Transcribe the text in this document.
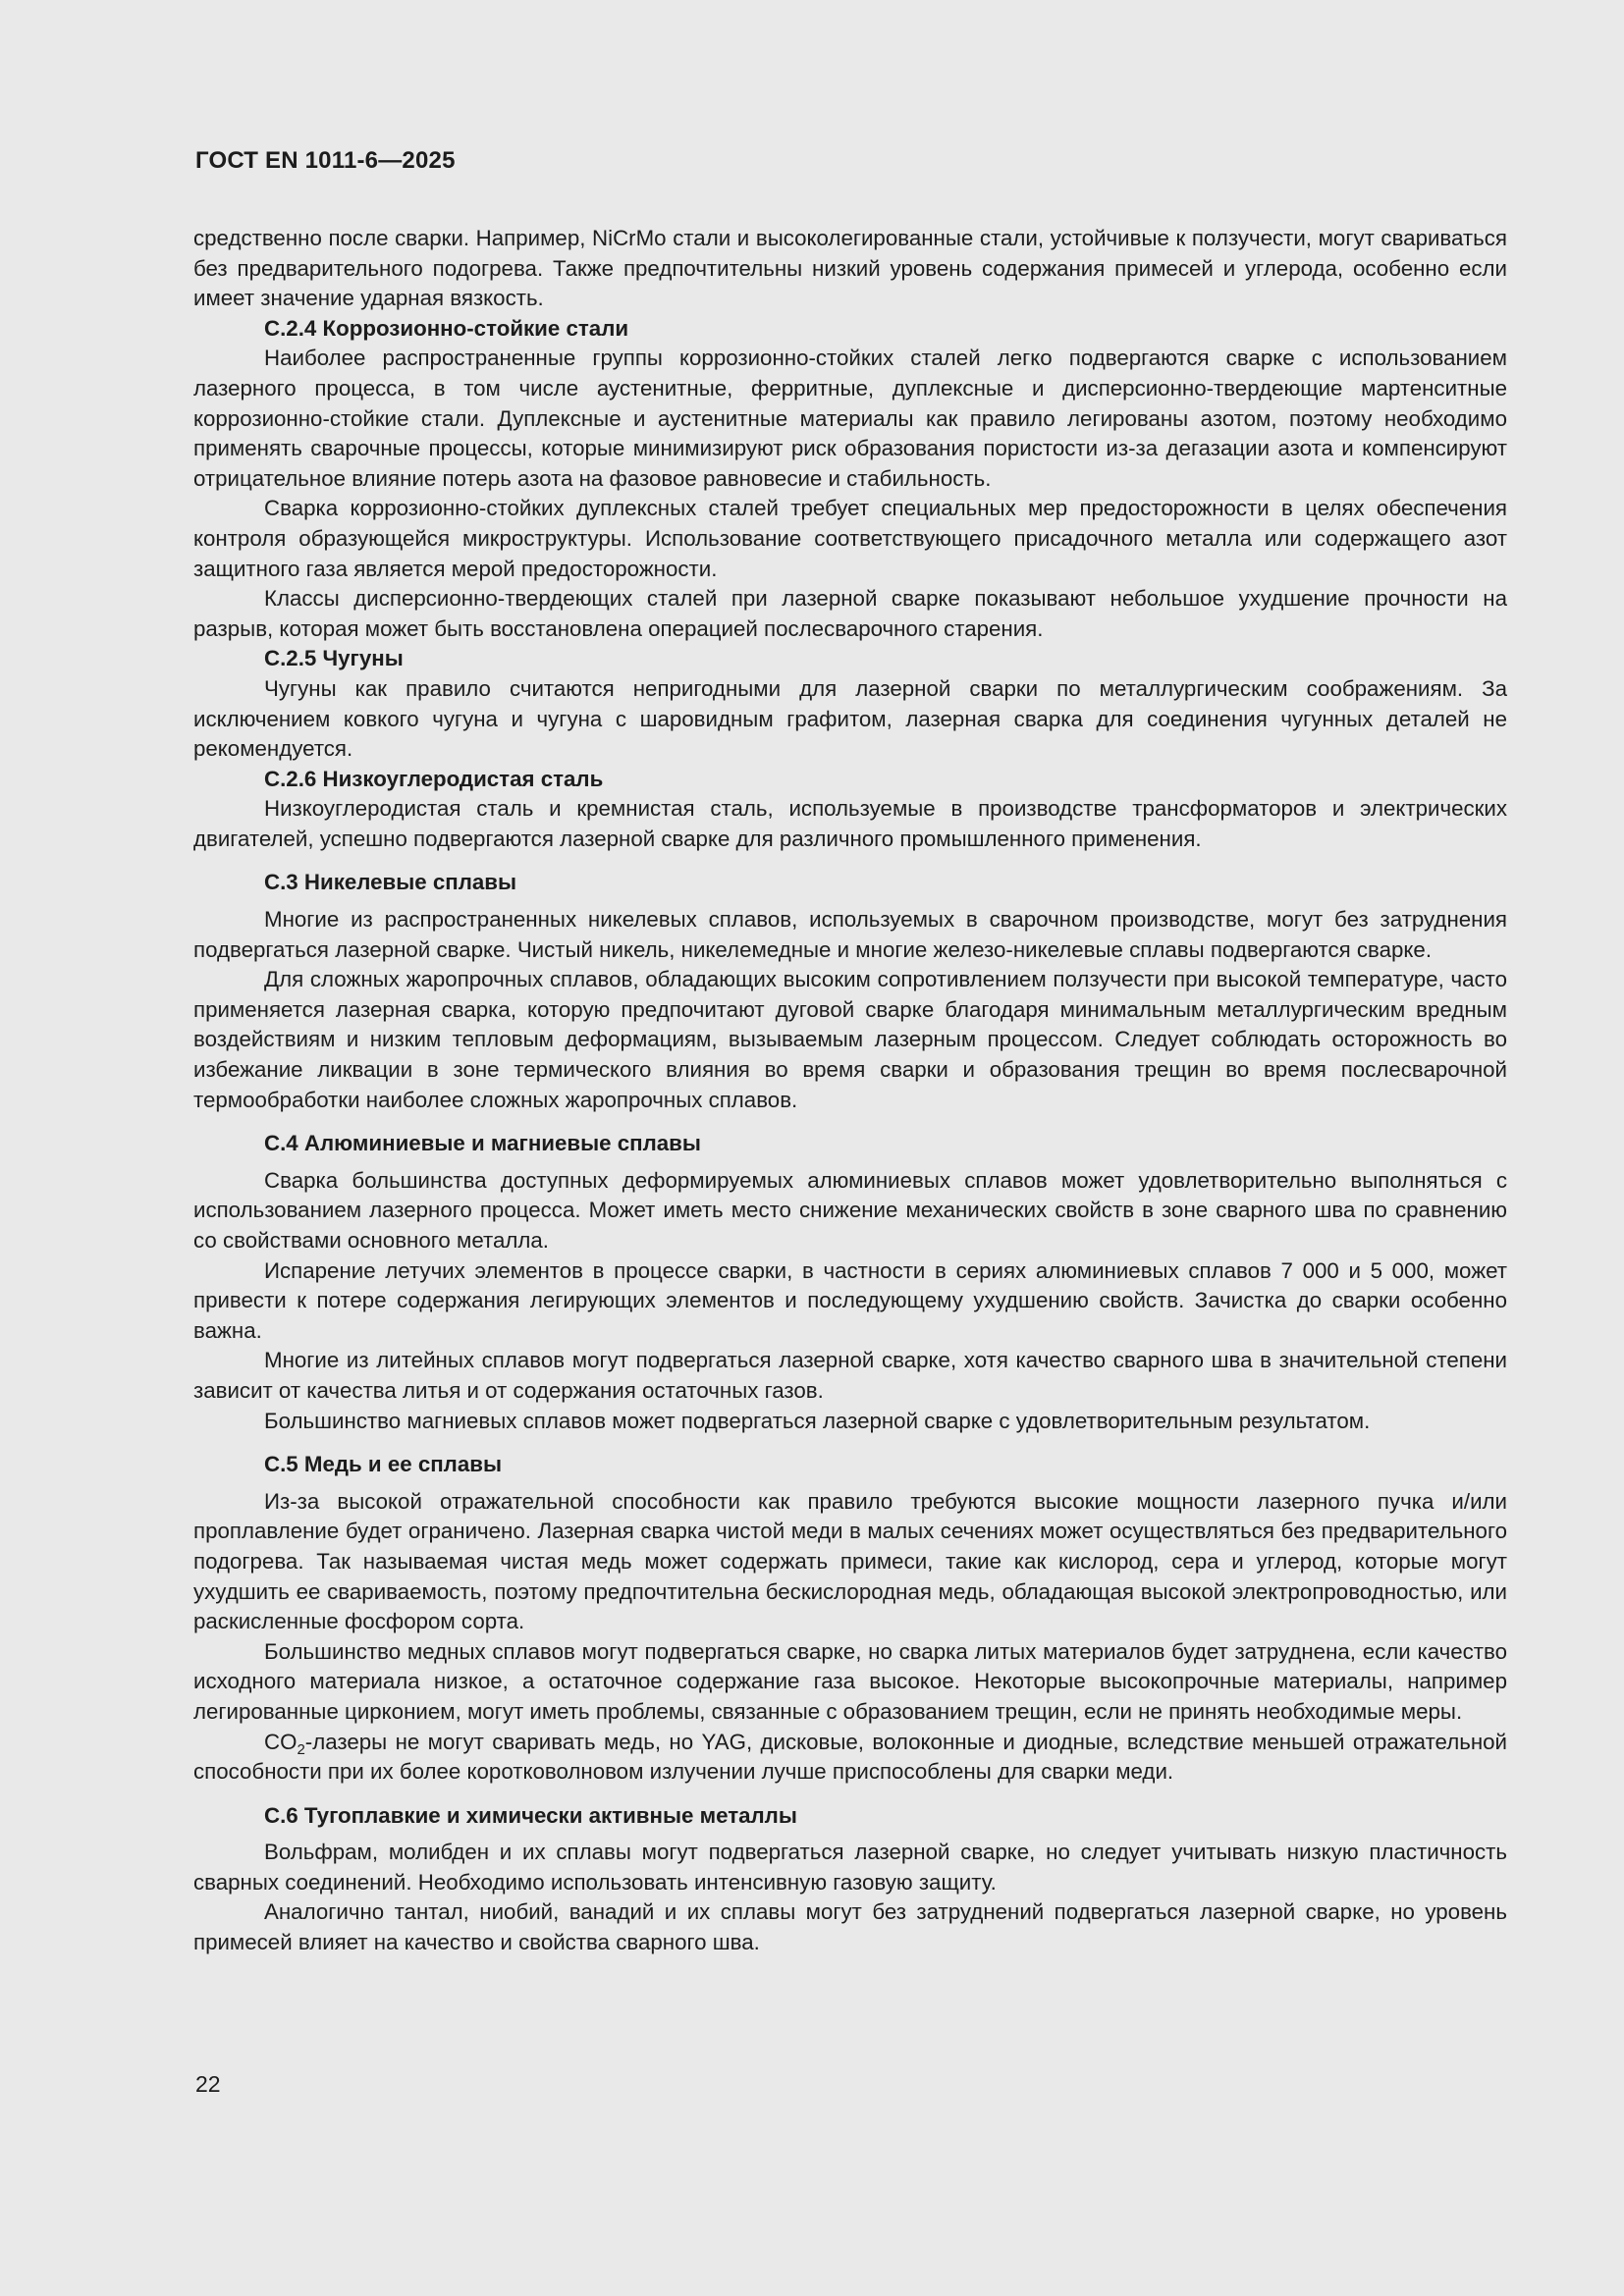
ГОСТ EN 1011-6—2025

средственно после сварки. Например, NiCrMo стали и высоколегированные стали, устойчивые к ползучести, могут свариваться без предварительного подогрева. Также предпочтительны низкий уровень содержания примесей и углерода, особенно если имеет значение ударная вязкость.

С.2.4 Коррозионно-стойкие стали

Наиболее распространенные группы коррозионно-стойких сталей легко подвергаются сварке с использованием лазерного процесса, в том числе аустенитные, ферритные, дуплексные и дисперсионно-твердеющие мартенситные коррозионно-стойкие стали. Дуплексные и аустенитные материалы как правило легированы азотом, поэтому необходимо применять сварочные процессы, которые минимизируют риск образования пористости из-за дегазации азота и компенсируют отрицательное влияние потерь азота на фазовое равновесие и стабильность.

Сварка коррозионно-стойких дуплексных сталей требует специальных мер предосторожности в целях обеспечения контроля образующейся микроструктуры. Использование соответствующего присадочного металла или содержащего азот защитного газа является мерой предосторожности.

Классы дисперсионно-твердеющих сталей при лазерной сварке показывают небольшое ухудшение прочности на разрыв, которая может быть восстановлена операцией послесварочного старения.

С.2.5 Чугуны

Чугуны как правило считаются непригодными для лазерной сварки по металлургическим соображениям. За исключением ковкого чугуна и чугуна с шаровидным графитом, лазерная сварка для соединения чугунных деталей не рекомендуется.

С.2.6 Низкоуглеродистая сталь

Низкоуглеродистая сталь и кремнистая сталь, используемые в производстве трансформаторов и электрических двигателей, успешно подвергаются лазерной сварке для различного промышленного применения.

С.3 Никелевые сплавы

Многие из распространенных никелевых сплавов, используемых в сварочном производстве, могут без затруднения подвергаться лазерной сварке. Чистый никель, никелемедные и многие железо-никелевые сплавы подвергаются сварке.

Для сложных жаропрочных сплавов, обладающих высоким сопротивлением ползучести при высокой температуре, часто применяется лазерная сварка, которую предпочитают дуговой сварке благодаря минимальным металлургическим вредным воздействиям и низким тепловым деформациям, вызываемым лазерным процессом. Следует соблюдать осторожность во избежание ликвации в зоне термического влияния во время сварки и образования трещин во время послесварочной термообработки наиболее сложных жаропрочных сплавов.

С.4 Алюминиевые и магниевые сплавы

Сварка большинства доступных деформируемых алюминиевых сплавов может удовлетворительно выполняться с использованием лазерного процесса. Может иметь место снижение механических свойств в зоне сварного шва по сравнению со свойствами основного металла.

Испарение летучих элементов в процессе сварки, в частности в сериях алюминиевых сплавов 7 000 и 5 000, может привести к потере содержания легирующих элементов и последующему ухудшению свойств. Зачистка до сварки особенно важна.

Многие из литейных сплавов могут подвергаться лазерной сварке, хотя качество сварного шва в значительной степени зависит от качества литья и от содержания остаточных газов.

Большинство магниевых сплавов может подвергаться лазерной сварке с удовлетворительным результатом.

С.5 Медь и ее сплавы

Из-за высокой отражательной способности как правило требуются высокие мощности лазерного пучка и/или проплавление будет ограничено. Лазерная сварка чистой меди в малых сечениях может осуществляться без предварительного подогрева. Так называемая чистая медь может содержать примеси, такие как кислород, сера и углерод, которые могут ухудшить ее свариваемость, поэтому предпочтительна бескислородная медь, обладающая высокой электропроводностью, или раскисленные фосфором сорта.

Большинство медных сплавов могут подвергаться сварке, но сварка литых материалов будет затруднена, если качество исходного материала низкое, а остаточное содержание газа высокое. Некоторые высокопрочные материалы, например легированные цирконием, могут иметь проблемы, связанные с образованием трещин, если не принять необходимые меры.

$CO_2$-лазеры не могут сваривать медь, но YAG, дисковые, волоконные и диодные, вследствие меньшей отражательной способности при их более коротковолновом излучении лучше приспособлены для сварки меди.

С.6 Тугоплавкие и химически активные металлы

Вольфрам, молибден и их сплавы могут подвергаться лазерной сварке, но следует учитывать низкую пластичность сварных соединений. Необходимо использовать интенсивную газовую защиту.

Аналогично тантал, ниобий, ванадий и их сплавы могут без затруднений подвергаться лазерной сварке, но уровень примесей влияет на качество и свойства сварного шва.

22
